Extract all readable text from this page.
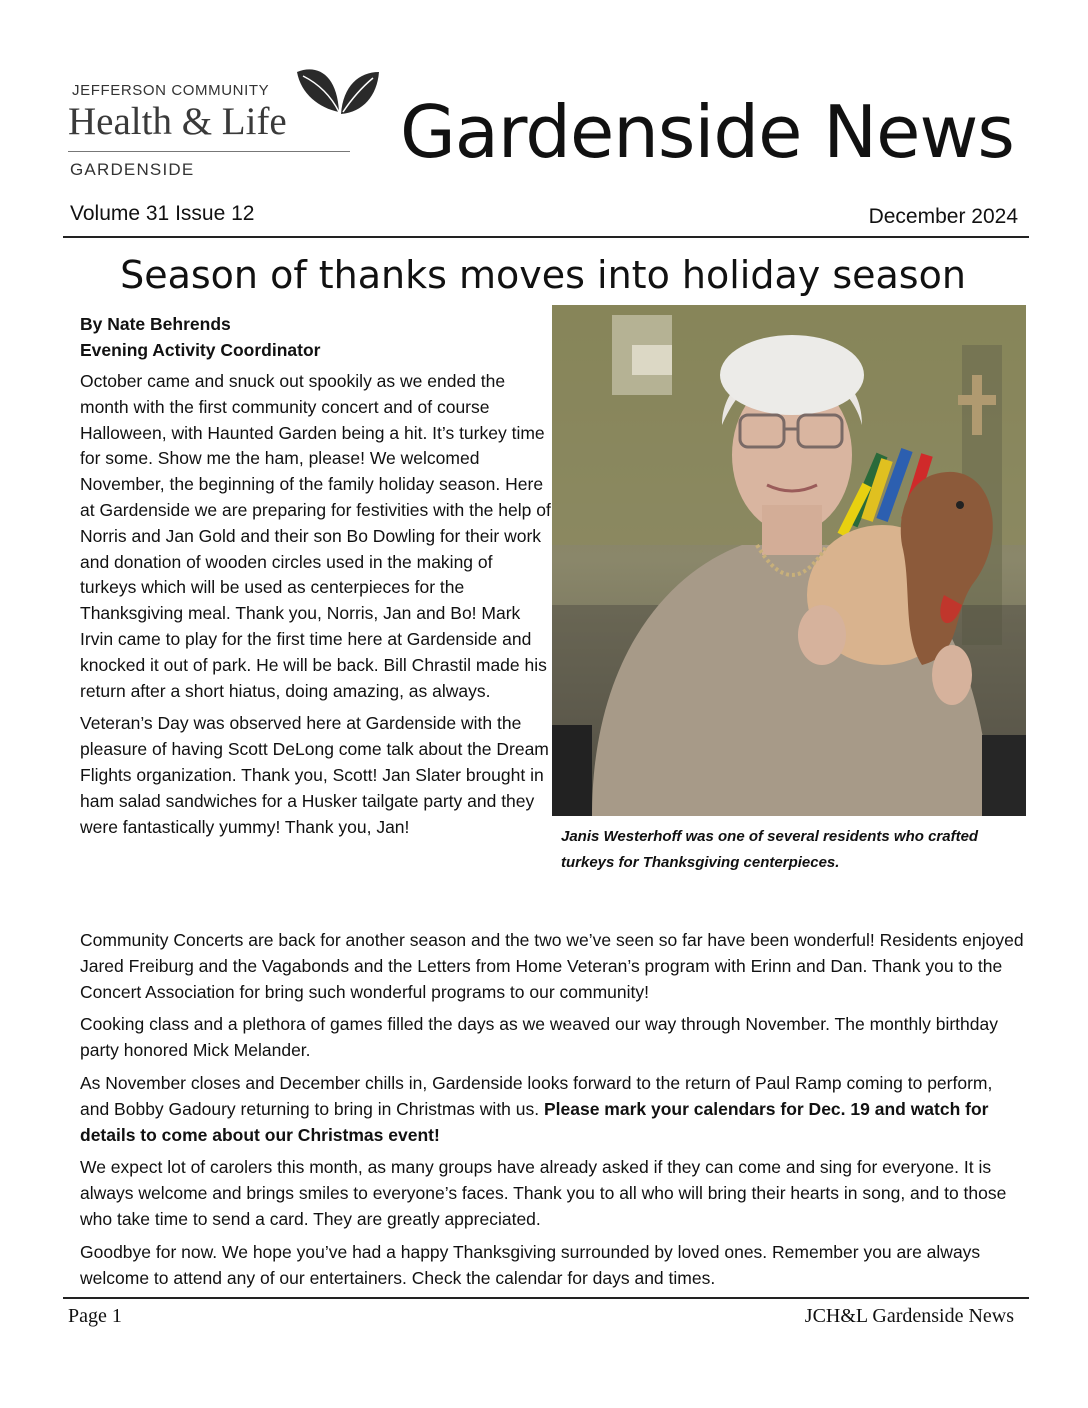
JEFFERSON COMMUNITY
Health & Life
GARDENSIDE	Gardenside News
Volume 31 Issue 12	December 2024
Season of thanks moves into holiday season
By Nate Behrends
Evening Activity Coordinator

October came and snuck out spookily as we ended the month with the first community concert and of course Halloween, with Haunted Garden being a hit. It’s turkey time for some. Show me the ham, please! We welcomed November, the beginning of the family holiday season. Here at Gardenside we are preparing for festivities with the help of Norris and Jan Gold and their son Bo Dowling for their work and donation of wooden circles used in the making of turkeys which will be used as centerpieces for the Thanksgiving meal. Thank you, Norris, Jan and Bo! Mark Irvin came to play for the first time here at Gardenside and knocked it out of park. He will be back. Bill Chrastil made his return after a short hiatus, doing amazing, as always.

Veteran’s Day was observed here at Gardenside with the pleasure of having Scott DeLong come talk about the Dream Flights organization. Thank you, Scott! Jan Slater brought in ham salad sandwiches for a Husker tailgate party and they were fantastically yummy! Thank you, Jan!	Janis Westerhoff was one of several residents who crafted turkeys for Thanksgiving centerpieces.

Community Concerts are back for another season and the two we’ve seen so far have been wonderful! Residents enjoyed Jared Freiburg and the Vagabonds and the Letters from Home Veteran’s program with Erinn and Dan. Thank you to the Concert Association for bring such wonderful programs to our community!

Cooking class and a plethora of games filled the days as we weaved our way through November. The monthly birthday party honored Mick Melander.

As November closes and December chills in, Gardenside looks forward to the return of Paul Ramp coming to perform, and Bobby Gadoury returning to bring in Christmas with us. Please mark your calendars for Dec. 19 and watch for details to come about our Christmas event!

We expect lot of carolers this month, as many groups have already asked if they can come and sing for everyone. It is always welcome and brings smiles to everyone’s faces. Thank you to all who will bring their hearts in song, and to those who take time to send a card. They are greatly appreciated.

Goodbye for now. We hope you’ve had a happy Thanksgiving surrounded by loved ones. Remember you are always welcome to attend any of our entertainers. Check the calendar for days and times.

Page 1	JCH&L Gardenside News
